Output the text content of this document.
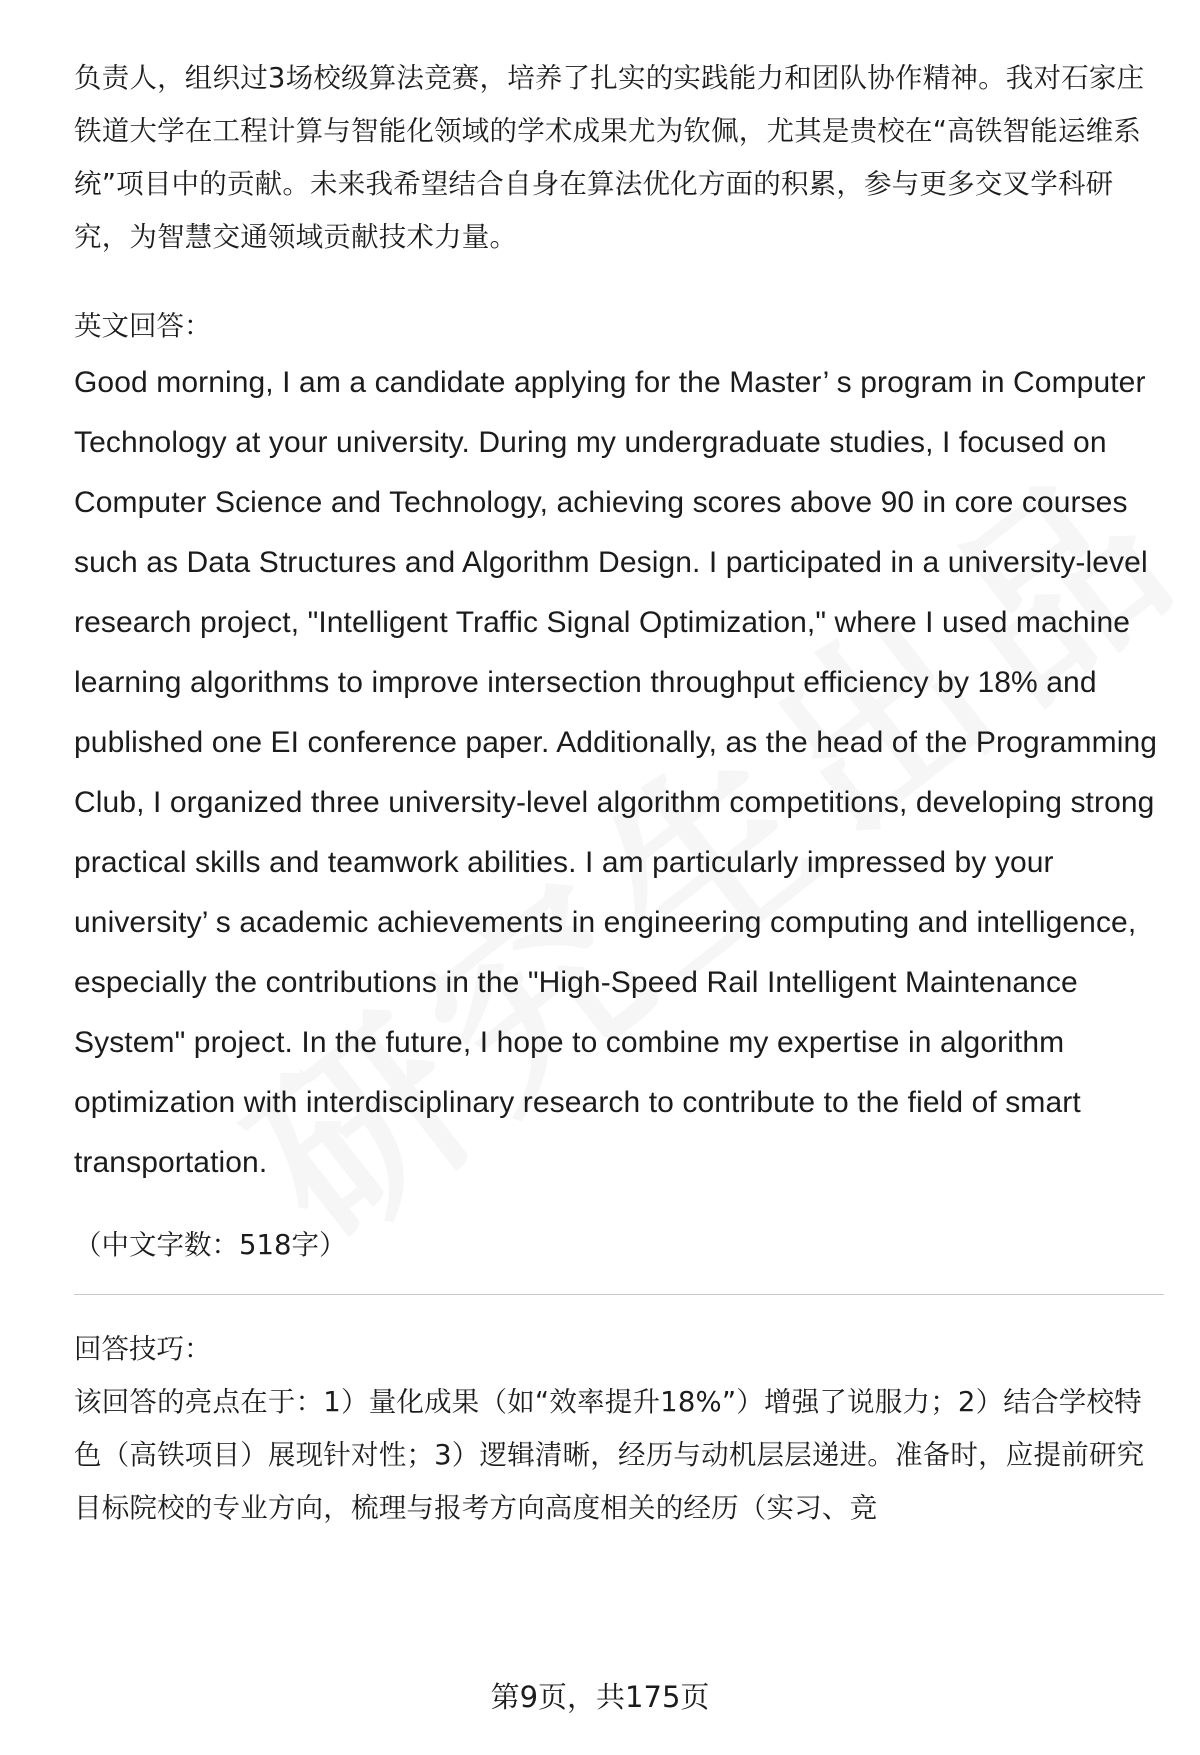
负责人，组织过3场校级算法竞赛，培养了扎实的实践能力和团队协作精神。我对石家庄铁道大学在工程计算与智能化领域的学术成果尤为钦佩，尤其是贵校在“高铁智能运维系统”项目中的贡献。未来我希望结合自身在算法优化方面的积累，参与更多交叉学科研究，为智慧交通领域贡献技术力量。

英文回答：

Good morning, I am a candidate applying for the Master’ s program in Computer Technology at your university. During my undergraduate studies, I focused on Computer Science and Technology, achieving scores above 90 in core courses such as Data Structures and Algorithm Design. I participated in a university-level research project, "Intelligent Traffic Signal Optimization," where I used machine learning algorithms to improve intersection throughput efficiency by 18% and published one EI conference paper. Additionally, as the head of the Programming Club, I organized three university-level algorithm competitions, developing strong practical skills and teamwork abilities. I am particularly impressed by your university’ s academic achievements in engineering computing and intelligence, especially the contributions in the "High-Speed Rail Intelligent Maintenance System" project. In the future, I hope to combine my expertise in algorithm optimization with interdisciplinary research to contribute to the field of smart transportation.

（中文字数：518字）

回答技巧：

该回答的亮点在于：1）量化成果（如“效率提升18%”）增强了说服力；2）结合学校特色（高铁项目）展现针对性；3）逻辑清晰，经历与动机层层递进。准备时，应提前研究目标院校的专业方向，梳理与报考方向高度相关的经历（实习、竞

第9页，共175页
